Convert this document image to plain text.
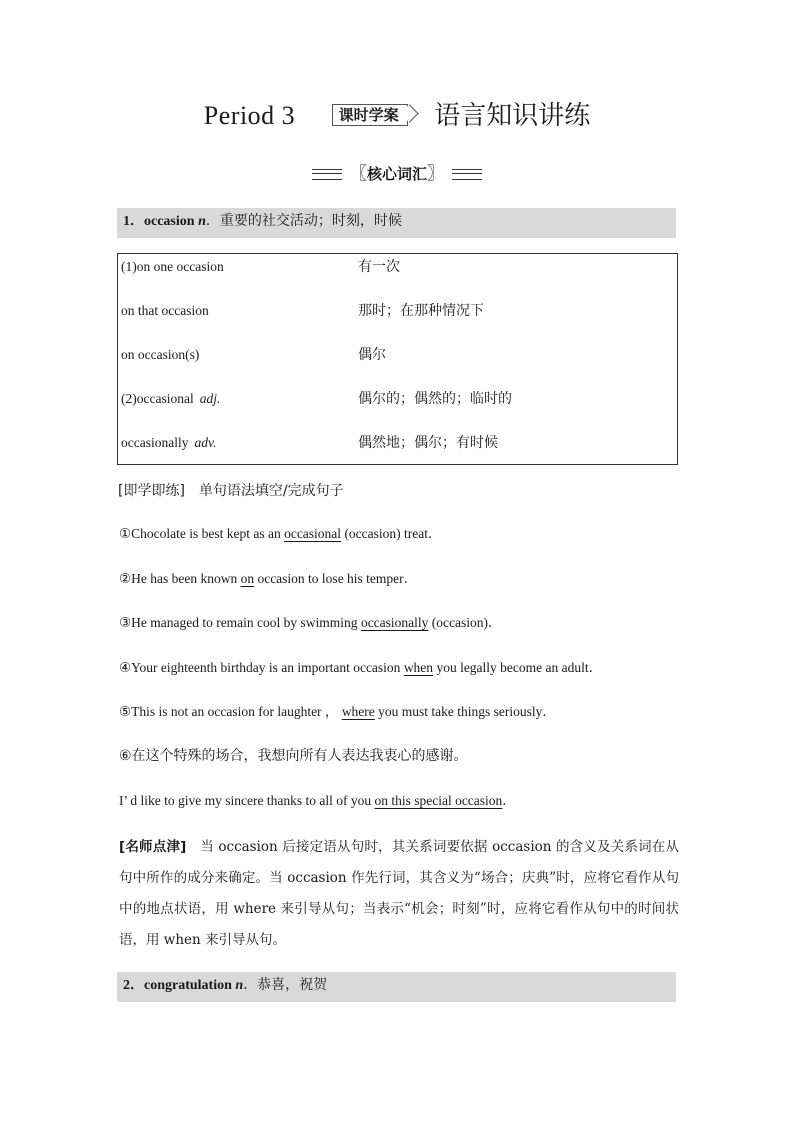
Period 3	课时学案 语言知识讲练
〖核心词汇〗
1．occasion n．重要的社交活动；时刻，时候
(1)on one occasion	有一次
on that occasion	那时；在那种情况下
on occasion(s)	偶尔
(2)occasional adj.	偶尔的；偶然的；临时的
occasionally adv.	偶然地；偶尔；有时候
[即学即练] 单句语法填空/完成句子
①Chocolate is best kept as an occasional (occasion) treat．
②He has been known on occasion to lose his temper．
③He managed to remain cool by swimming occasionally (occasion)．
④Your eighteenth birthday is an important occasion when you legally become an adult．
⑤This is not an occasion for laughter ， where you must take things seriously．
⑥在这个特殊的场合，我想向所有人表达我衷心的感谢。
I’ d like to give my sincere thanks to all of you on this special occasion．
[名师点津]　当 occasion 后接定语从句时，其关系词要依据 occasion 的含义及关系词在从句中所作的成分来确定。当 occasion 作先行词，其含义为“场合；庆典”时，应将它看作从句中的地点状语，用 where 来引导从句；当表示“机会；时刻”时，应将它看作从句中的时间状语，用 when 来引导从句。
2．congratulation n．恭喜，祝贺
